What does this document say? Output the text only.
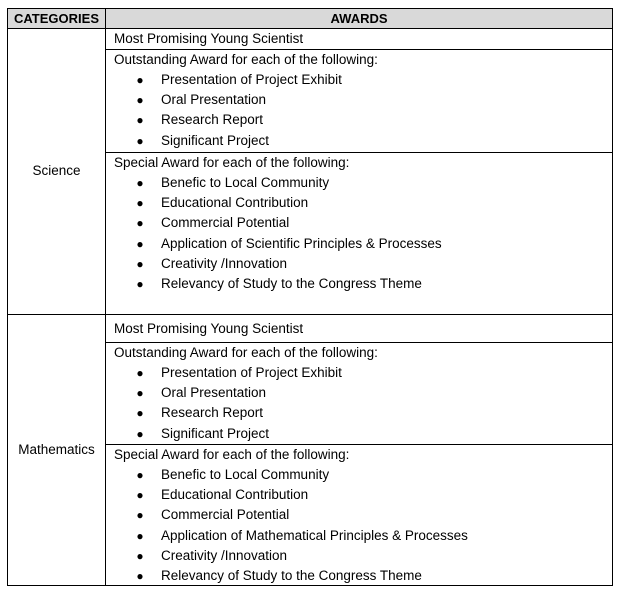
CATEGORIES	AWARDS
Science
Mathematics
Most Promising Young Scientist
Outstanding Award for each of the following:
● Presentation of Project Exhibit
● Oral Presentation
● Research Report
● Significant Project
Special Award for each of the following:
● Benefic to Local Community
● Educational Contribution
● Commercial Potential
● Application of Scientific Principles & Processes
● Creativity /Innovation
● Relevancy of Study to the Congress Theme
Most Promising Young Scientist
Outstanding Award for each of the following:
● Presentation of Project Exhibit
● Oral Presentation
● Research Report
● Significant Project
Special Award for each of the following:
● Benefic to Local Community
● Educational Contribution
● Commercial Potential
● Application of Mathematical Principles & Processes
● Creativity /Innovation
● Relevancy of Study to the Congress Theme
